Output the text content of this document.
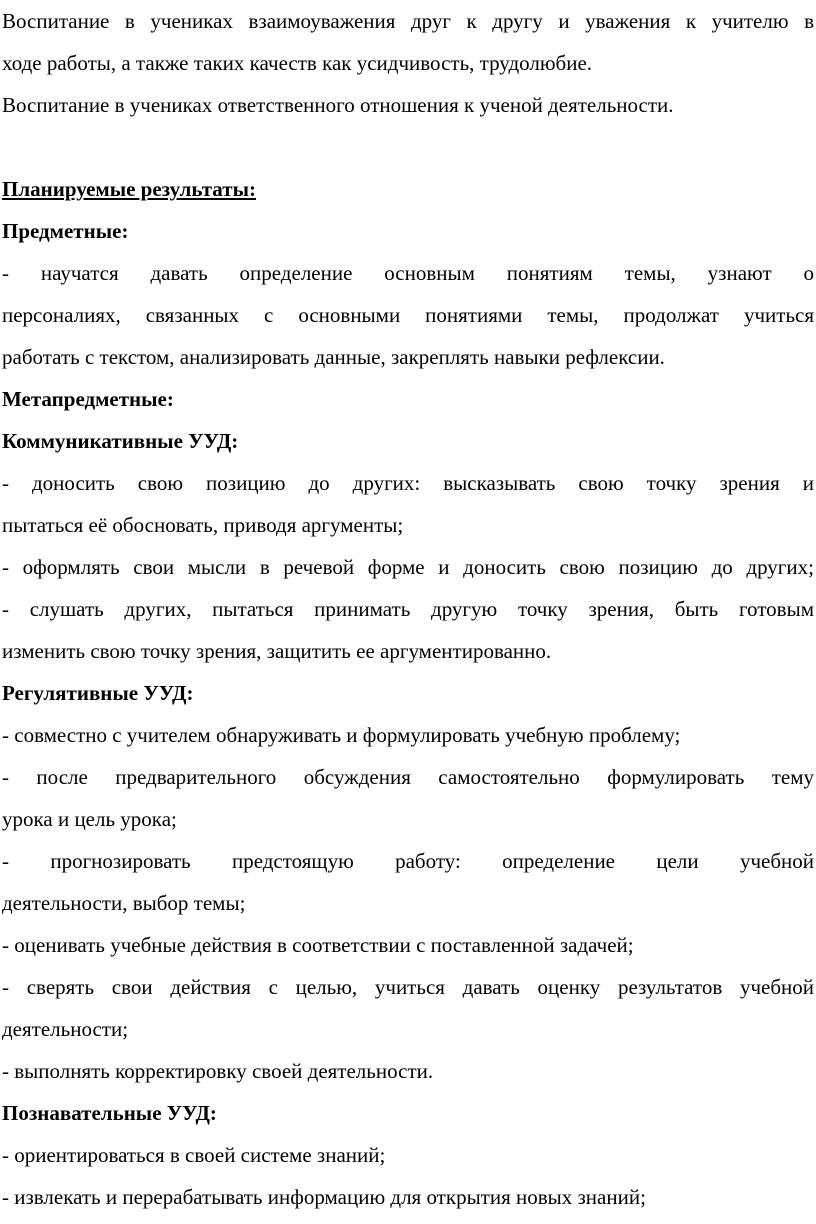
Воспитание в учениках взаимоуважения друг к другу и уважения к учителю в
ходе работы, а также таких качеств как усидчивость, трудолюбие.
Воспитание в учениках ответственного отношения к ученой деятельности.
Планируемые результаты:
Предметные:
- научатся давать определение основным понятиям темы, узнают о
персоналиях, связанных с основными понятиями темы, продолжат учиться
работать с текстом, анализировать данные, закреплять навыки рефлексии.
Метапредметные:
Коммуникативные УУД:
- доносить свою позицию до других: высказывать свою точку зрения и
пытаться её обосновать, приводя аргументы;
- оформлять свои мысли в речевой форме и доносить свою позицию до других;
- слушать других, пытаться принимать другую точку зрения, быть готовым
изменить свою точку зрения, защитить ее аргументированно.
Регулятивные УУД:
- совместно с учителем обнаруживать и формулировать учебную проблему;
- после предварительного обсуждения самостоятельно формулировать тему
урока и цель урока;
- прогнозировать предстоящую работу: определение цели учебной
деятельности, выбор темы;
- оценивать учебные действия в соответствии с поставленной задачей;
- сверять свои действия с целью, учиться давать оценку результатов учебной
деятельности;
- выполнять корректировку своей деятельности.
Познавательные УУД:
- ориентироваться в своей системе знаний;
- извлекать и перерабатывать информацию для открытия новых знаний;
